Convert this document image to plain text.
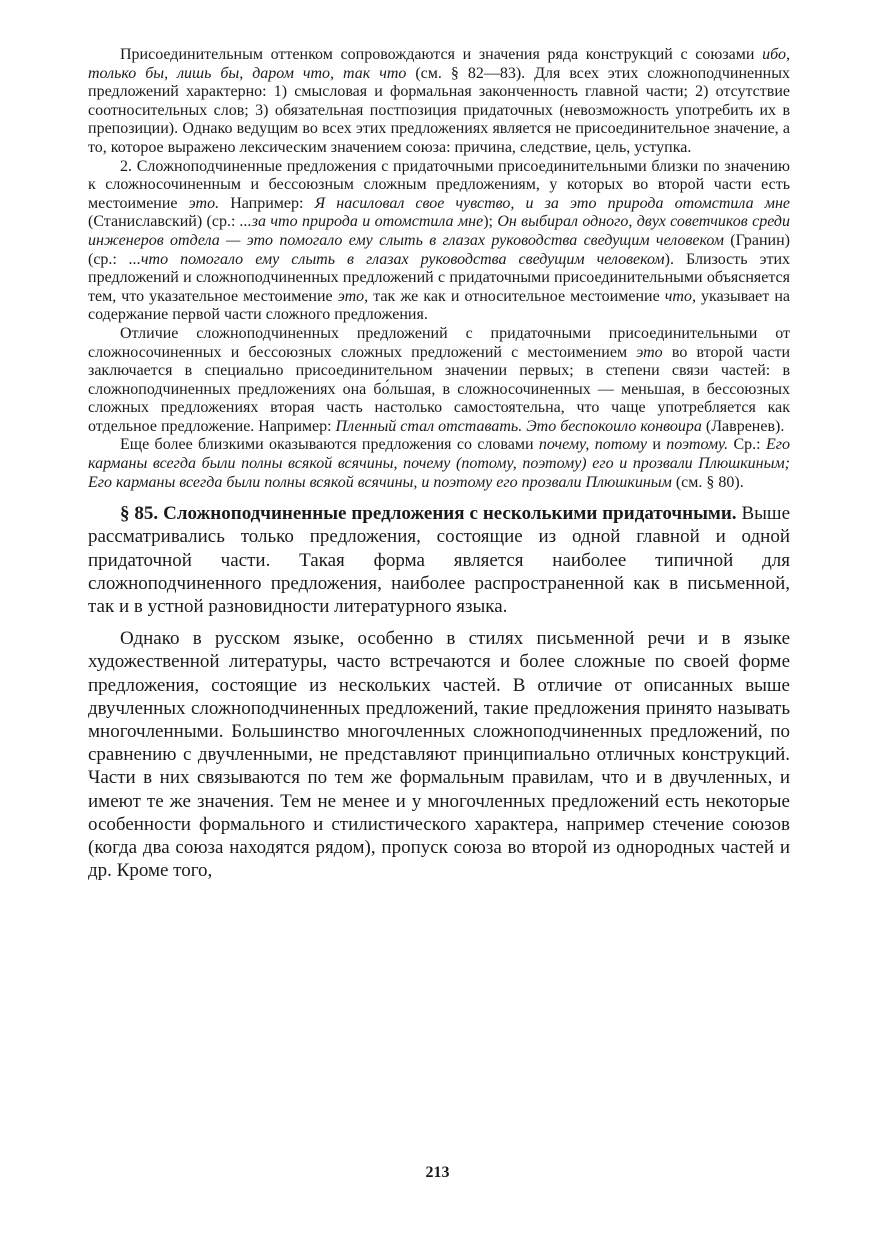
Присоединительным оттенком сопровождаются и значения ряда конструкций с союзами ибо, только бы, лишь бы, даром что, так что (см. § 82—83). Для всех этих сложноподчиненных предложений характерно: 1) смысловая и формальная законченность главной части; 2) отсутствие соотносительных слов; 3) обязательная постпозиция придаточных (невозможность употребить их в препозиции). Однако ведущим во всех этих предложениях является не присоединительное значение, а то, которое выражено лексическим значением союза: причина, следствие, цель, уступка.

2. Сложноподчиненные предложения с придаточными присоединительными близки по значению к сложносочиненным и бессоюзным сложным предложениям, у которых во второй части есть местоимение это. Например: Я насиловал свое чувство, и за это природа отомстила мне (Станиславский) (ср.: ...за что природа и отомстила мне); Он выбирал одного, двух советчиков среди инженеров отдела — это помогало ему слыть в глазах руководства сведущим человеком (Гранин) (ср.: ...что помогало ему слыть в глазах руководства сведущим человеком). Близость этих предложений и сложноподчиненных предложений с придаточными присоединительными объясняется тем, что указательное местоимение это, так же как и относительное местоимение что, указывает на содержание первой части сложного предложения.

Отличие сложноподчиненных предложений с придаточными присоединительными от сложносочиненных и бессоюзных сложных предложений с местоимением это во второй части заключается в специально присоединительном значении первых; в степени связи частей: в сложноподчиненных предложениях она бо́льшая, в сложносочиненных — меньшая, в бессоюзных сложных предложениях вторая часть настолько самостоятельна, что чаще употребляется как отдельное предложение. Например: Пленный стал отставать. Это беспокоило конвоира (Лавренев).

Еще более близкими оказываются предложения со словами почему, потому и поэтому. Ср.: Его карманы всегда были полны всякой всячины, почему (потому, поэтому) его и прозвали Плюшкиным; Его карманы всегда были полны всякой всячины, и поэтому его прозвали Плюшкиным (см. § 80).

§ 85. Сложноподчиненные предложения с несколькими придаточными. Выше рассматривались только предложения, состоящие из одной главной и одной придаточной части. Такая форма является наиболее типичной для сложноподчиненного предложения, наиболее распространенной как в письменной, так и в устной разновидности литературного языка.

Однако в русском языке, особенно в стилях письменной речи и в языке художественной литературы, часто встречаются и более сложные по своей форме предложения, состоящие из нескольких частей. В отличие от описанных выше двучленных сложноподчиненных предложений, такие предложения принято называть многочленными. Большинство многочленных сложноподчиненных предложений, по сравнению с двучленными, не представляют принципиально отличных конструкций. Части в них связываются по тем же формальным правилам, что и в двучленных, и имеют те же значения. Тем не менее и у многочленных предложений есть некоторые особенности формального и стилистического характера, например стечение союзов (когда два союза находятся рядом), пропуск союза во второй из однородных частей и др. Кроме того,

213
